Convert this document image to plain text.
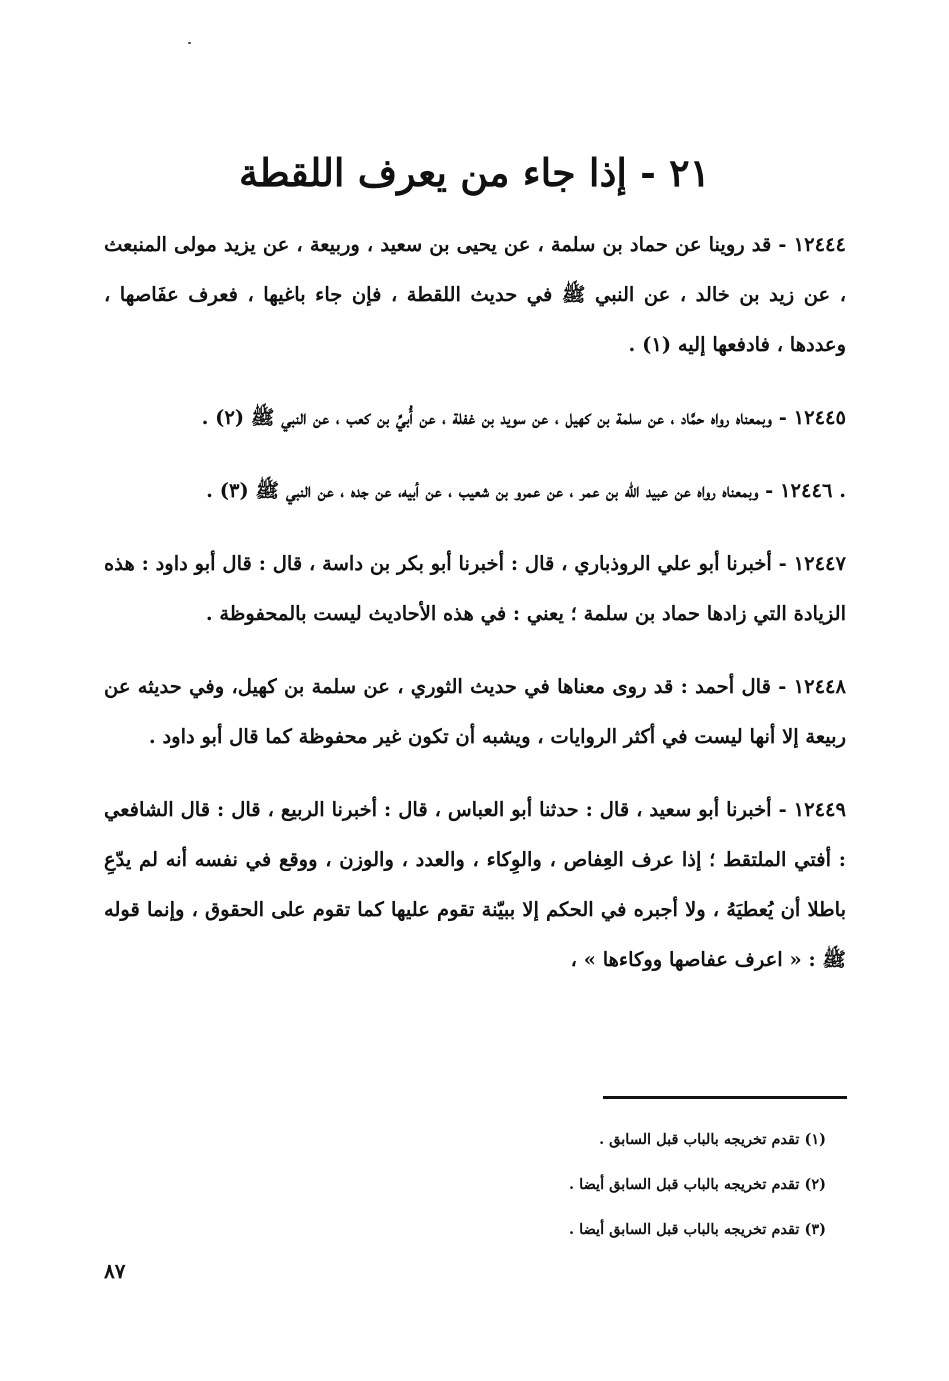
٢١ - إذا جاء من يعرف اللقطة

١٢٤٤٤ - قد روينا عن حماد بن سلمة ، عن يحيى بن سعيد ، وربيعة ، عن يزيد مولى المنبعث ، عن زيد بن خالد ، عن النبي ﷺ في حديث اللقطة ، فإن جاء باغيها ، فعرف عفَاصها ، وعددها ، فادفعها إليه (١) .

١٢٤٤٥ - وبمعناه رواه حمَّاد ، عن سلمة بن كهيل ، عن سويد بن غفلة ، عن أُبيِّ بن كعب ، عن النبي ﷺ (٢) .

. ١٢٤٤٦ - وبمعناه رواه عن عبيد الله بن عمر ، عن عمرو بن شعيب ، عن أبيه، عن جده ، عن النبي ﷺ (٣) .

١٢٤٤٧ - أخبرنا أبو علي الروذباري ، قال : أخبرنا أبو بكر بن داسة ، قال : قال أبو داود : هذه الزيادة التي زادها حماد بن سلمة ؛ يعني : في هذه الأحاديث ليست بالمحفوظة .

١٢٤٤٨ - قال أحمد : قد روى معناها في حديث الثوري ، عن سلمة بن كهيل، وفي حديثه عن ربيعة إلا أنها ليست في أكثر الروايات ، ويشبه أن تكون غير محفوظة كما قال أبو داود .

١٢٤٤٩ - أخبرنا أبو سعيد ، قال : حدثنا أبو العباس ، قال : أخبرنا الربيع ، قال : قال الشافعي : أفتي الملتقط ؛ إذا عرف العِفاص ، والوِكاء ، والعدد ، والوزن ، ووقع في نفسه أنه لم يدّعِ باطلا أن يُعطيَهُ ، ولا أجبره في الحكم إلا ببيّنة تقوم عليها كما تقوم على الحقوق ، وإنما قوله ﷺ : « اعرف عفاصها ووكاءها » ،

(١) تقدم تخريجه بالباب قبل السابق .
(٢) تقدم تخريجه بالباب قبل السابق أيضا .
(٣) تقدم تخريجه بالباب قبل السابق أيضا .
٨٧
